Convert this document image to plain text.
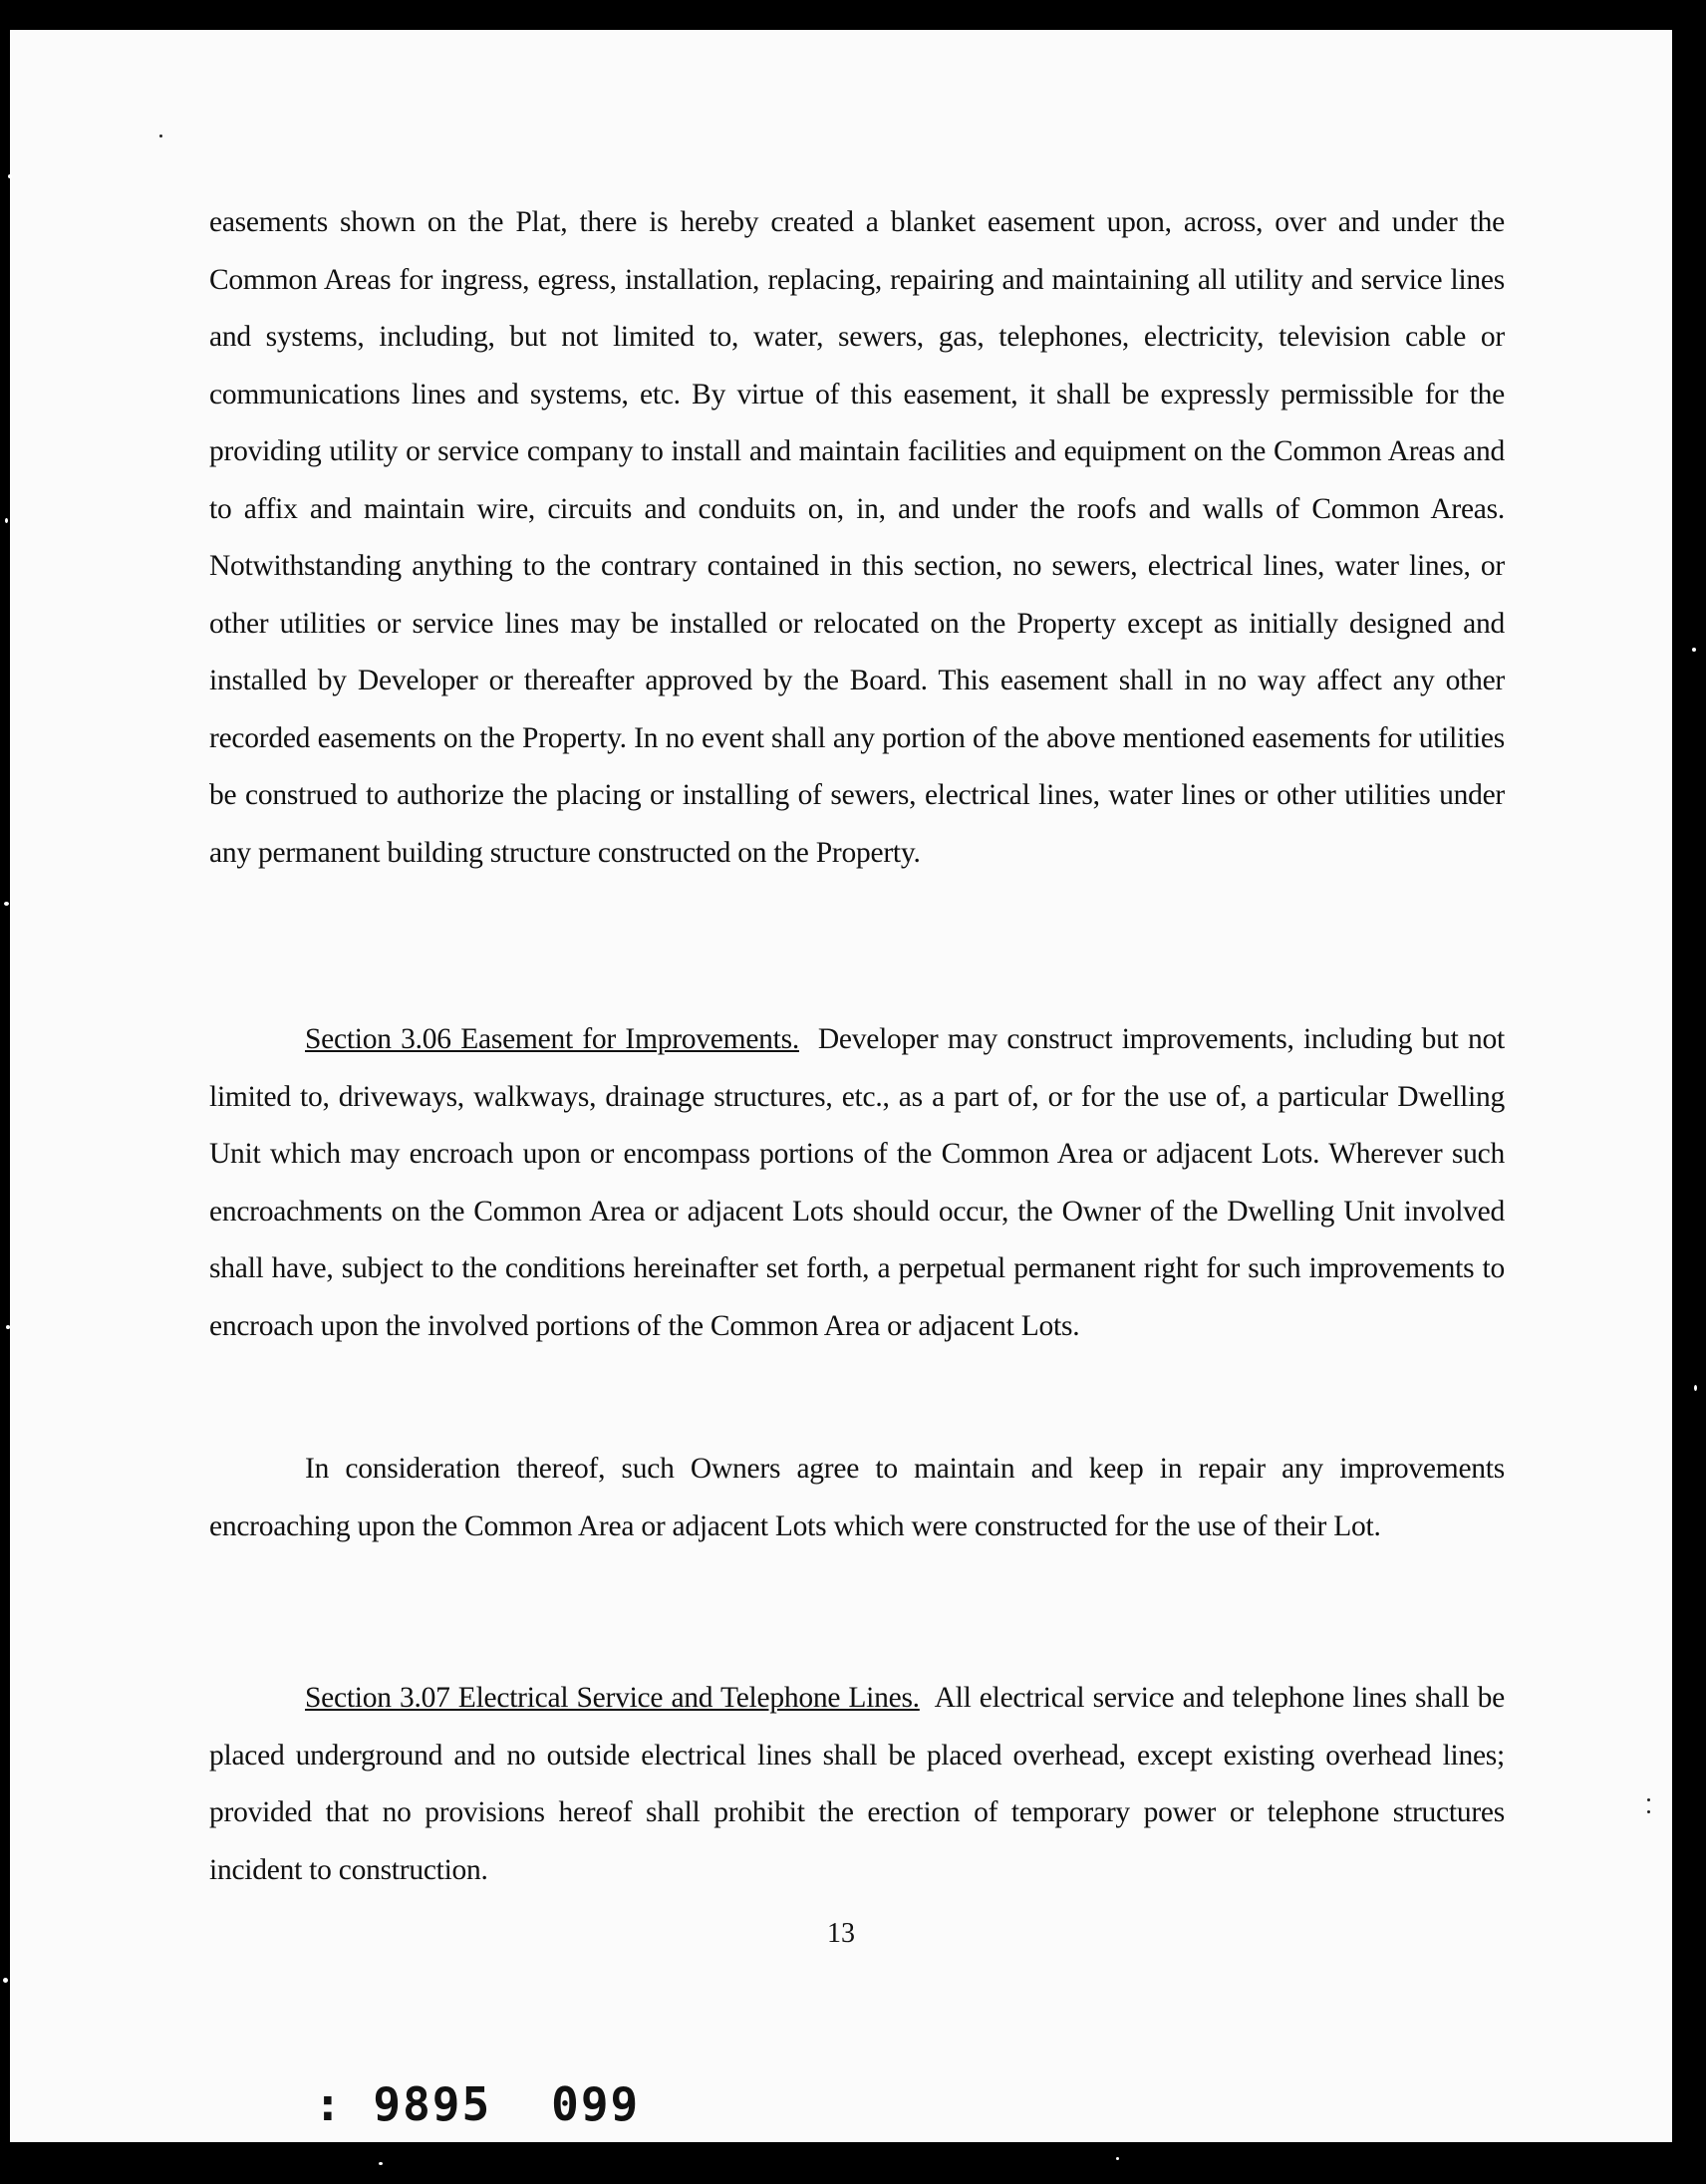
easements shown on the Plat, there is hereby created a blanket easement upon, across, over and under the Common Areas for ingress, egress, installation, replacing, repairing and maintaining all utility and service lines and systems, including, but not limited to, water, sewers, gas, telephones, electricity, television cable or communications lines and systems, etc. By virtue of this easement, it shall be expressly permissible for the providing utility or service company to install and maintain facilities and equipment on the Common Areas and to affix and maintain wire, circuits and conduits on, in, and under the roofs and walls of Common Areas. Notwithstanding anything to the contrary contained in this section, no sewers, electrical lines, water lines, or other utilities or service lines may be installed or relocated on the Property except as initially designed and installed by Developer or thereafter approved by the Board. This easement shall in no way affect any other recorded easements on the Property. In no event shall any portion of the above mentioned easements for utilities be construed to authorize the placing or installing of sewers, electrical lines, water lines or other utilities under any permanent building structure constructed on the Property.

Section 3.06 Easement for Improvements. Developer may construct improvements, including but not limited to, driveways, walkways, drainage structures, etc., as a part of, or for the use of, a particular Dwelling Unit which may encroach upon or encompass portions of the Common Area or adjacent Lots. Wherever such encroachments on the Common Area or adjacent Lots should occur, the Owner of the Dwelling Unit involved shall have, subject to the conditions hereinafter set forth, a perpetual permanent right for such improvements to encroach upon the involved portions of the Common Area or adjacent Lots.

In consideration thereof, such Owners agree to maintain and keep in repair any improvements encroaching upon the Common Area or adjacent Lots which were constructed for the use of their Lot.

Section 3.07 Electrical Service and Telephone Lines. All electrical service and telephone lines shall be placed underground and no outside electrical lines shall be placed overhead, except existing overhead lines; provided that no provisions hereof shall prohibit the erection of temporary power or telephone structures incident to construction.

13
: 9895 099
